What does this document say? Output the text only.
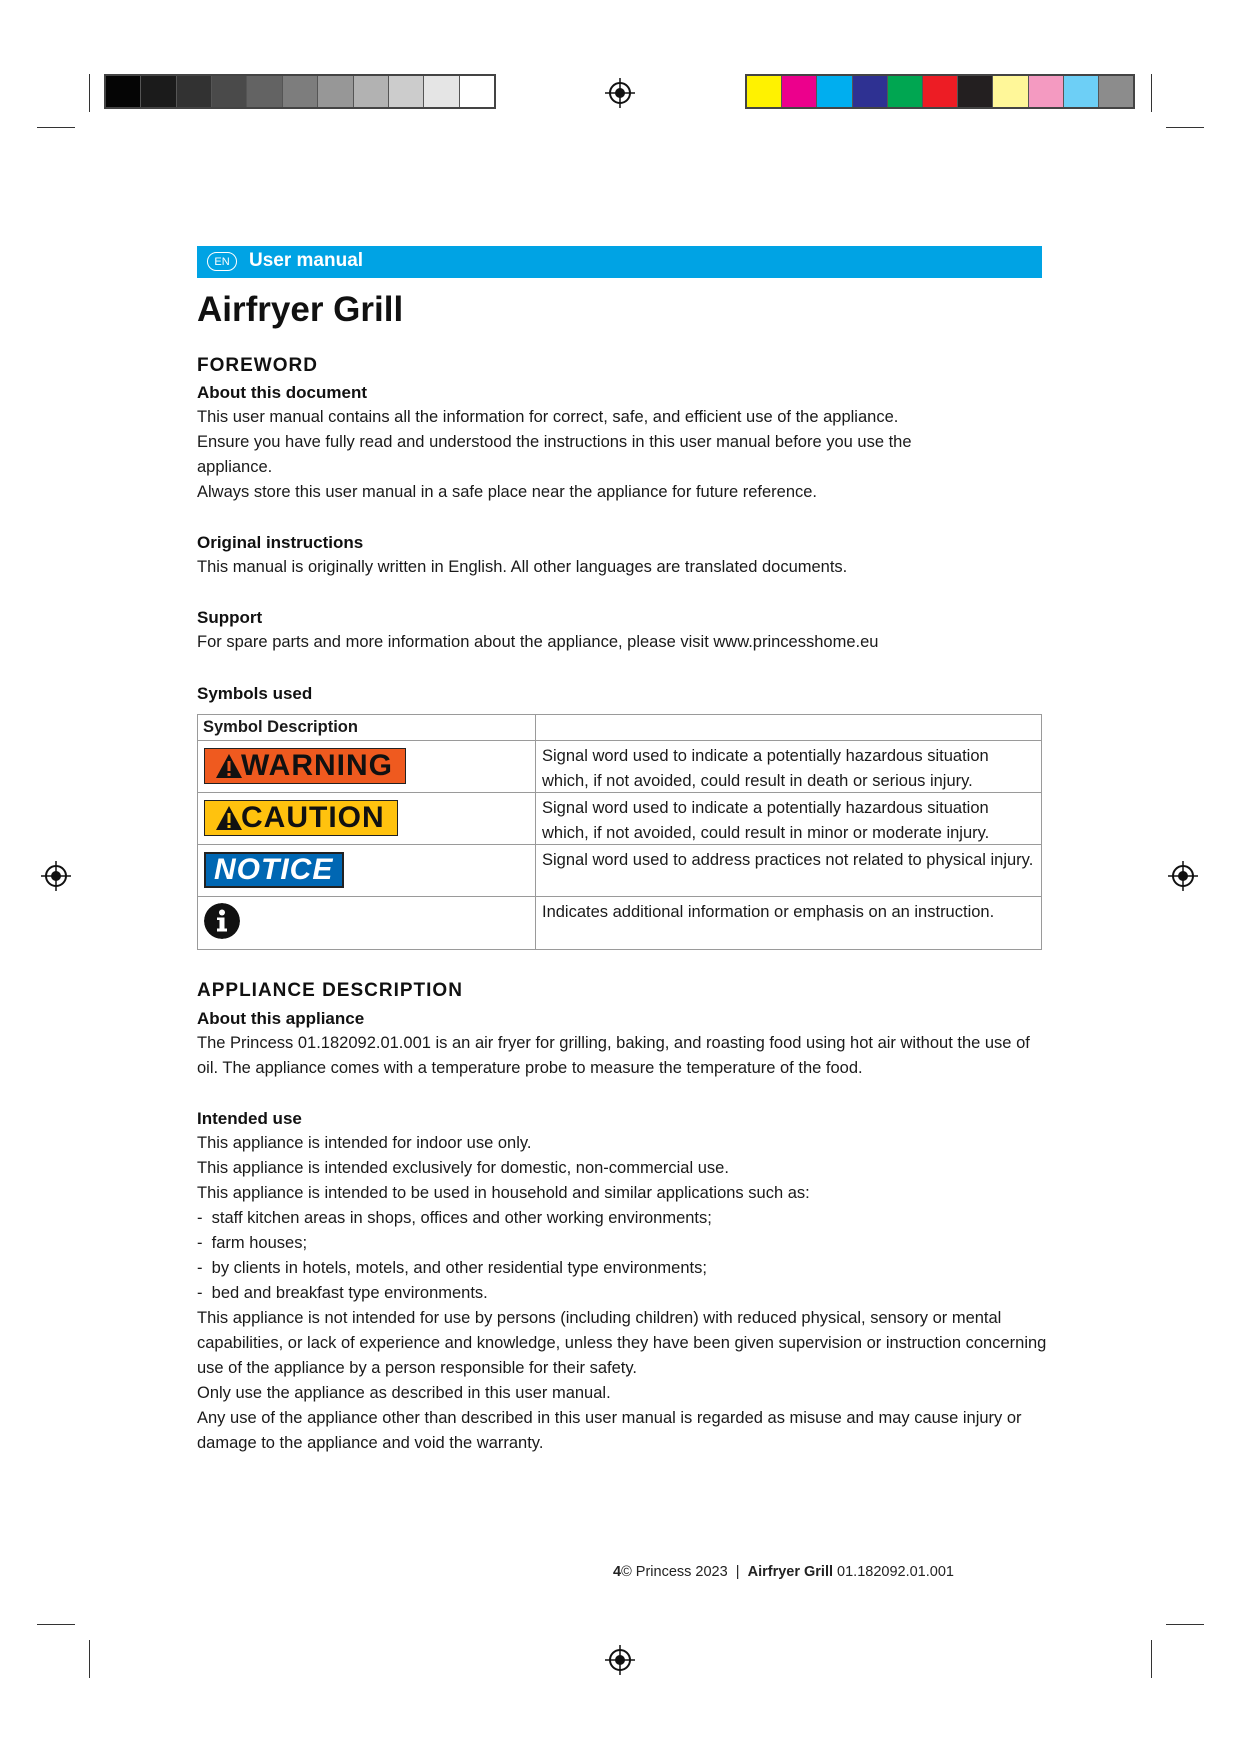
EN	User manual
Airfryer Grill
FOREWORD
About this document

This user manual contains all the information for correct, safe, and efficient use of the appliance.

Ensure you have fully read and understood the instructions in this user manual before you use the appliance.

Always store this user manual in a safe place near the appliance for future reference.

Original instructions
This manual is originally written in English. All other languages are translated documents.
Support
For spare parts and more information about the appliance, please visit www.princesshome.eu
Symbols used
Symbol Description
WARNING	Signal word used to indicate a potentially hazardous situation which, if not avoided, could result in death or serious injury.
CAUTION	Signal word used to indicate a potentially hazardous situation which, if not avoided, could result in minor or moderate injury.
NOTICE	Signal word used to address practices not related to physical injury.
Indicates additional information or emphasis on an instruction.
APPLIANCE DESCRIPTION
About this appliance
The Princess 01.182092.01.001 is an air fryer for grilling, baking, and roasting food using hot air without the use of oil. The appliance comes with a temperature probe to measure the temperature of the food.
Intended use

This appliance is intended for indoor use only.

This appliance is intended exclusively for domestic, non-commercial use.

This appliance is intended to be used in household and similar applications such as:

-  staff kitchen areas in shops, offices and other working environments;

-  farm houses;

-  by clients in hotels, motels, and other residential type environments;

-  bed and breakfast type environments.

This appliance is not intended for use by persons (including children) with reduced physical, sensory or mental capabilities, or lack of experience and knowledge, unless they have been given supervision or instruction concerning use of the appliance by a person responsible for their safety.

Only use the appliance as described in this user manual.

Any use of the appliance other than described in this user manual is regarded as misuse and may cause injury or damage to the appliance and void the warranty.

4© Princess 2023 | Airfryer Grill 01.182092.01.001
